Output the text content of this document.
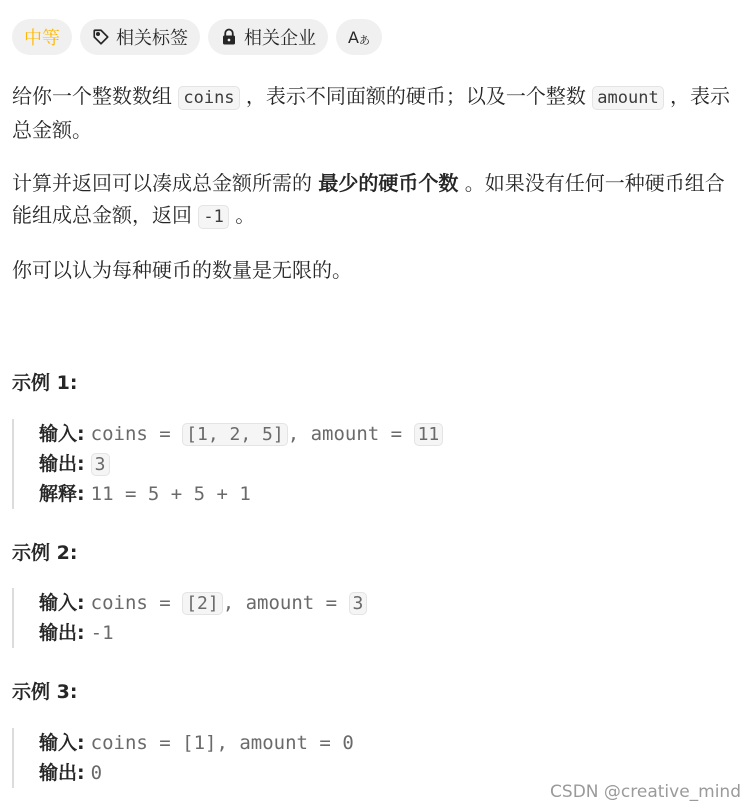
中等	相关标签	相关企业 A あ
给你一个整数数组 coins ，表示不同面额的硬币；以及一个整数 amount ，表示总金额。
计算并返回可以凑成总金额所需的 最少的硬币个数 。如果没有任何一种硬币组合能组成总金额，返回 -1 。
你可以认为每种硬币的数量是无限的。
示例 1:
输入: coins = [1, 2, 5] , amount = 11
输出: 3
解释: 11 = 5 + 5 + 1
示例 2:
输入: coins = [2] , amount = 3
输出: -1
示例 3:
输入: coins = [1], amount = 0
输出: 0
CSDN @creative_mind
